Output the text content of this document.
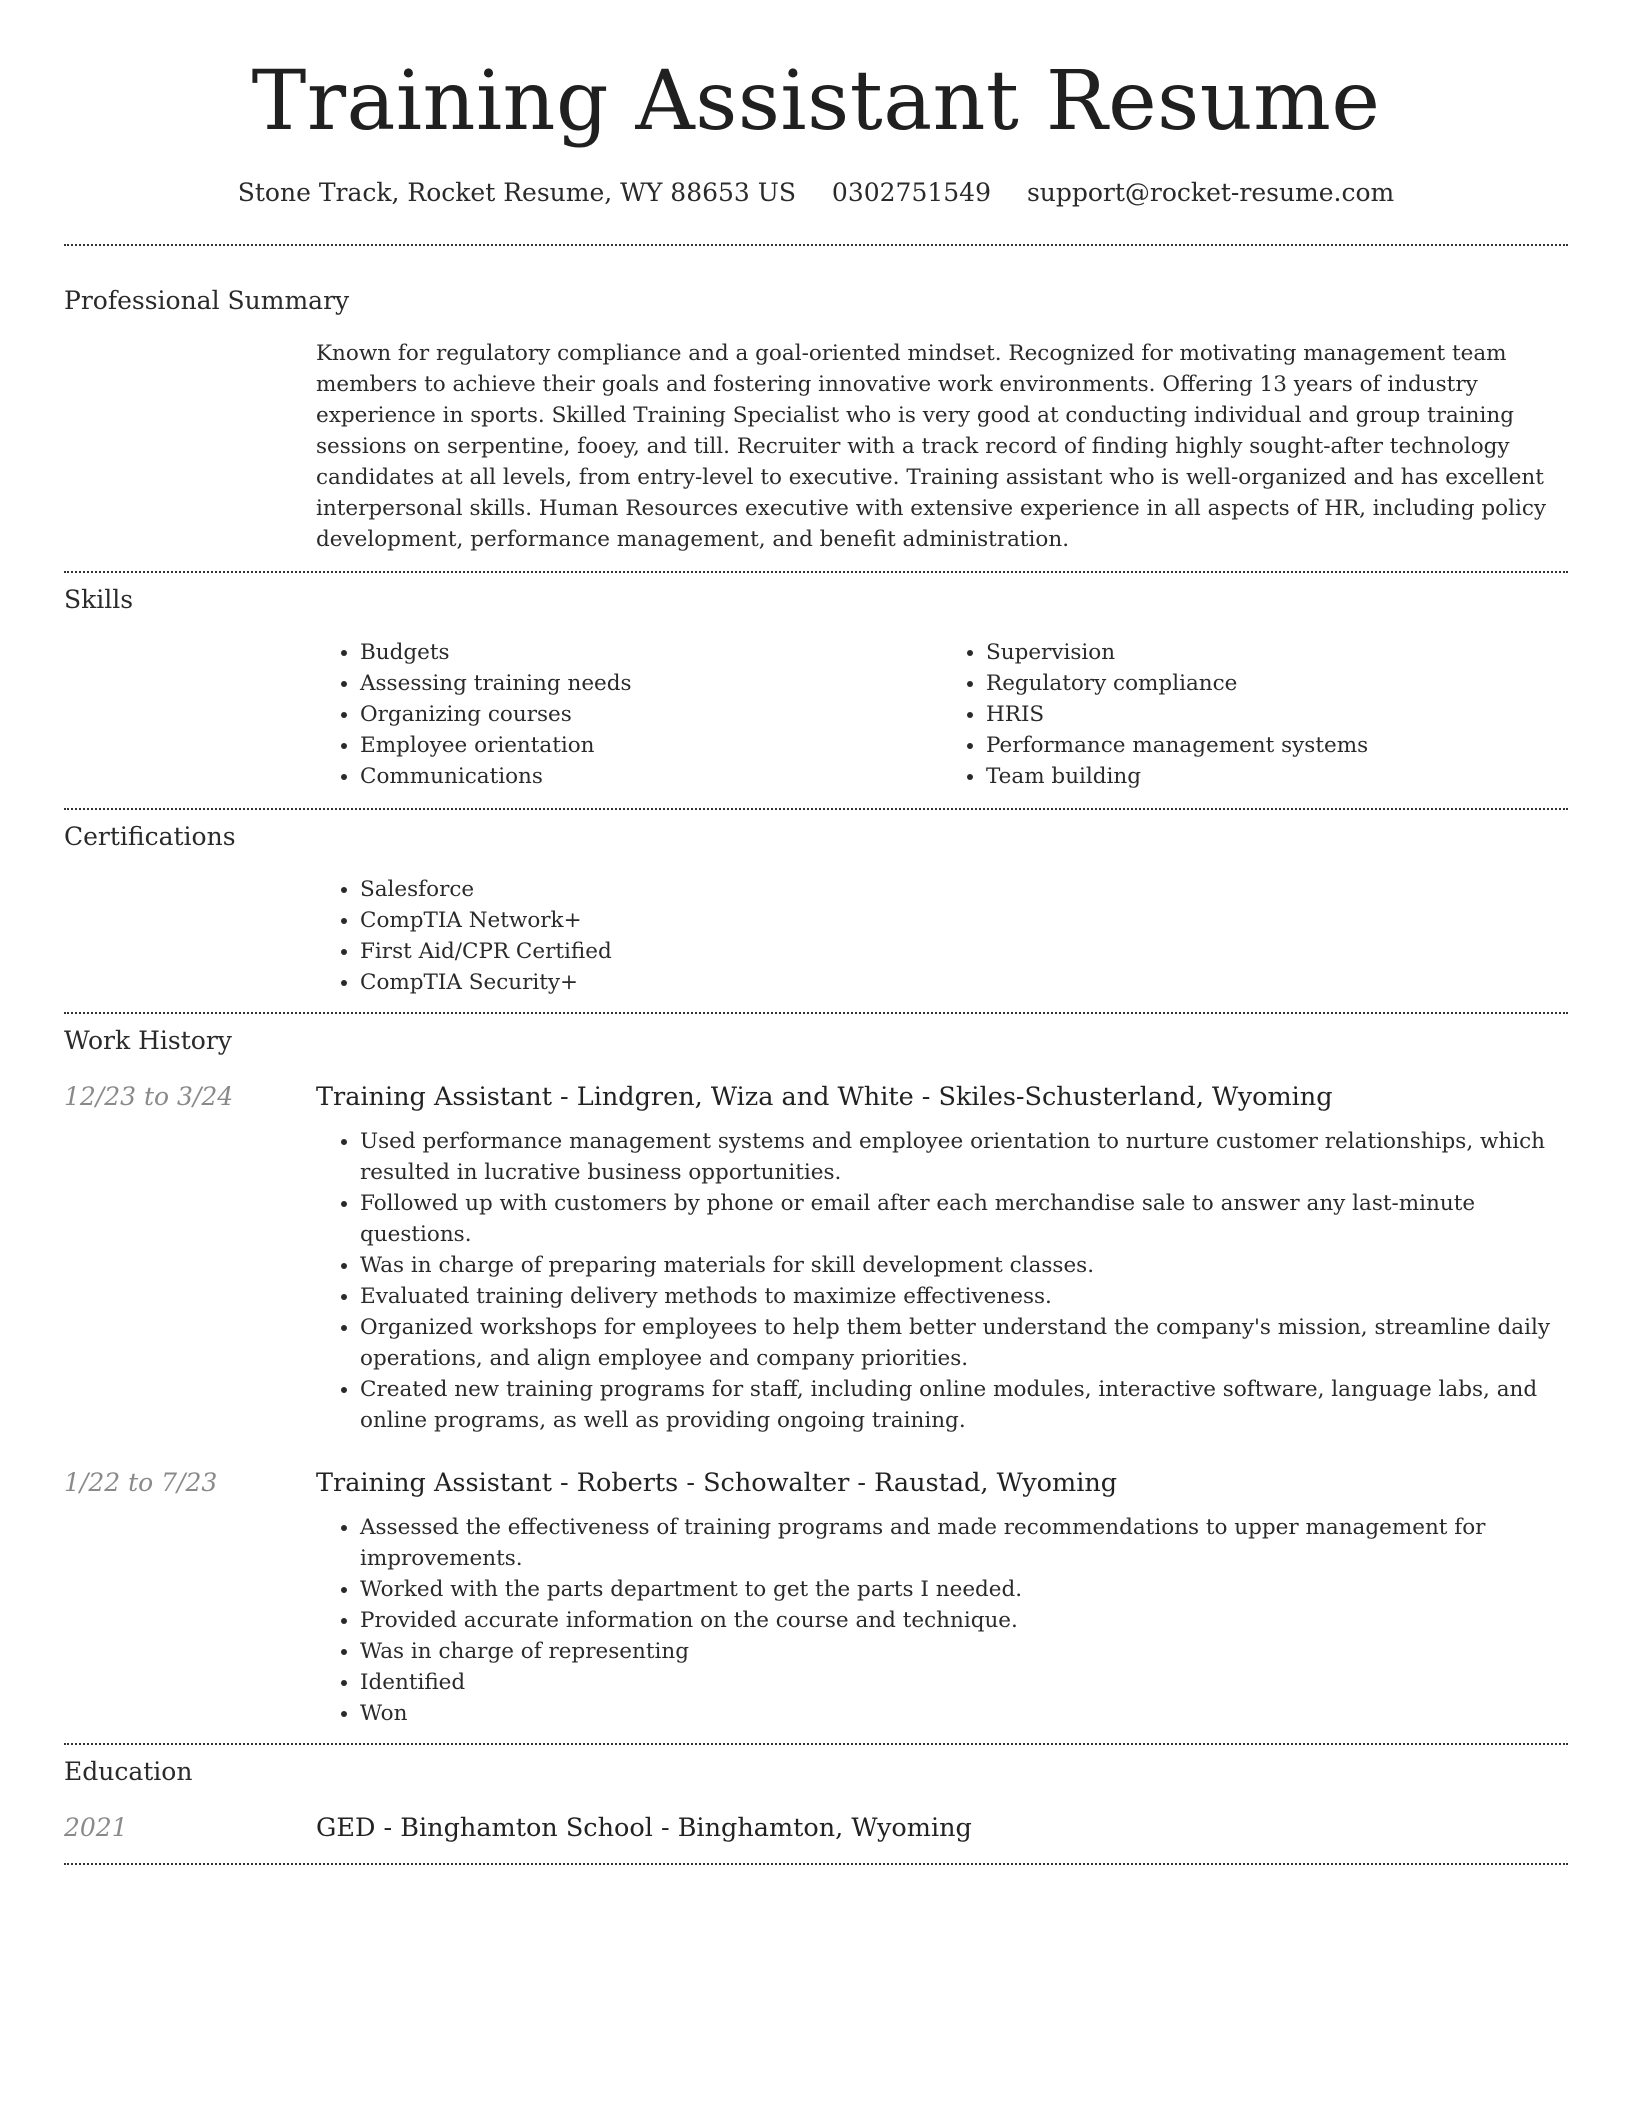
Training Assistant Resume
Stone Track, Rocket Resume, WY 88653 US 0302751549 support@rocket-resume.com
Professional Summary

Known for regulatory compliance and a goal-oriented mindset. Recognized for motivating management team members to achieve their goals and fostering innovative work environments. Offering 13 years of industry experience in sports. Skilled Training Specialist who is very good at conducting individual and group training sessions on serpentine, fooey, and till. Recruiter with a track record of finding highly sought-after technology candidates at all levels, from entry-level to executive. Training assistant who is well-organized and has excellent interpersonal skills. Human Resources executive with extensive experience in all aspects of HR, including policy development, performance management, and benefit administration.

Skills
• Budgets
• Assessing training needs
• Organizing courses
• Employee orientation
• Communications
• Supervision
• Regulatory compliance
• HRIS
• Performance management systems
• Team building
Certifications
• Salesforce
• CompTIA Network+
• First Aid/CPR Certified
• CompTIA Security+
Work History
12/23 to 3/24	Training Assistant - Lindgren, Wiza and White - Skiles-Schusterland, Wyoming
• Used performance management systems and employee orientation to nurture customer relationships, which resulted in lucrative business opportunities.
• Followed up with customers by phone or email after each merchandise sale to answer any last-minute questions.
• Was in charge of preparing materials for skill development classes.
• Evaluated training delivery methods to maximize effectiveness.
• Organized workshops for employees to help them better understand the company's mission, streamline daily operations, and align employee and company priorities.
• Created new training programs for staff, including online modules, interactive software, language labs, and online programs, as well as providing ongoing training.
1/22 to 7/23	Training Assistant - Roberts - Schowalter - Raustad, Wyoming
• Assessed the effectiveness of training programs and made recommendations to upper management for improvements.
• Worked with the parts department to get the parts I needed.
• Provided accurate information on the course and technique.
• Was in charge of representing
• Identified
• Won
Education
2021	GED - Binghamton School - Binghamton, Wyoming
